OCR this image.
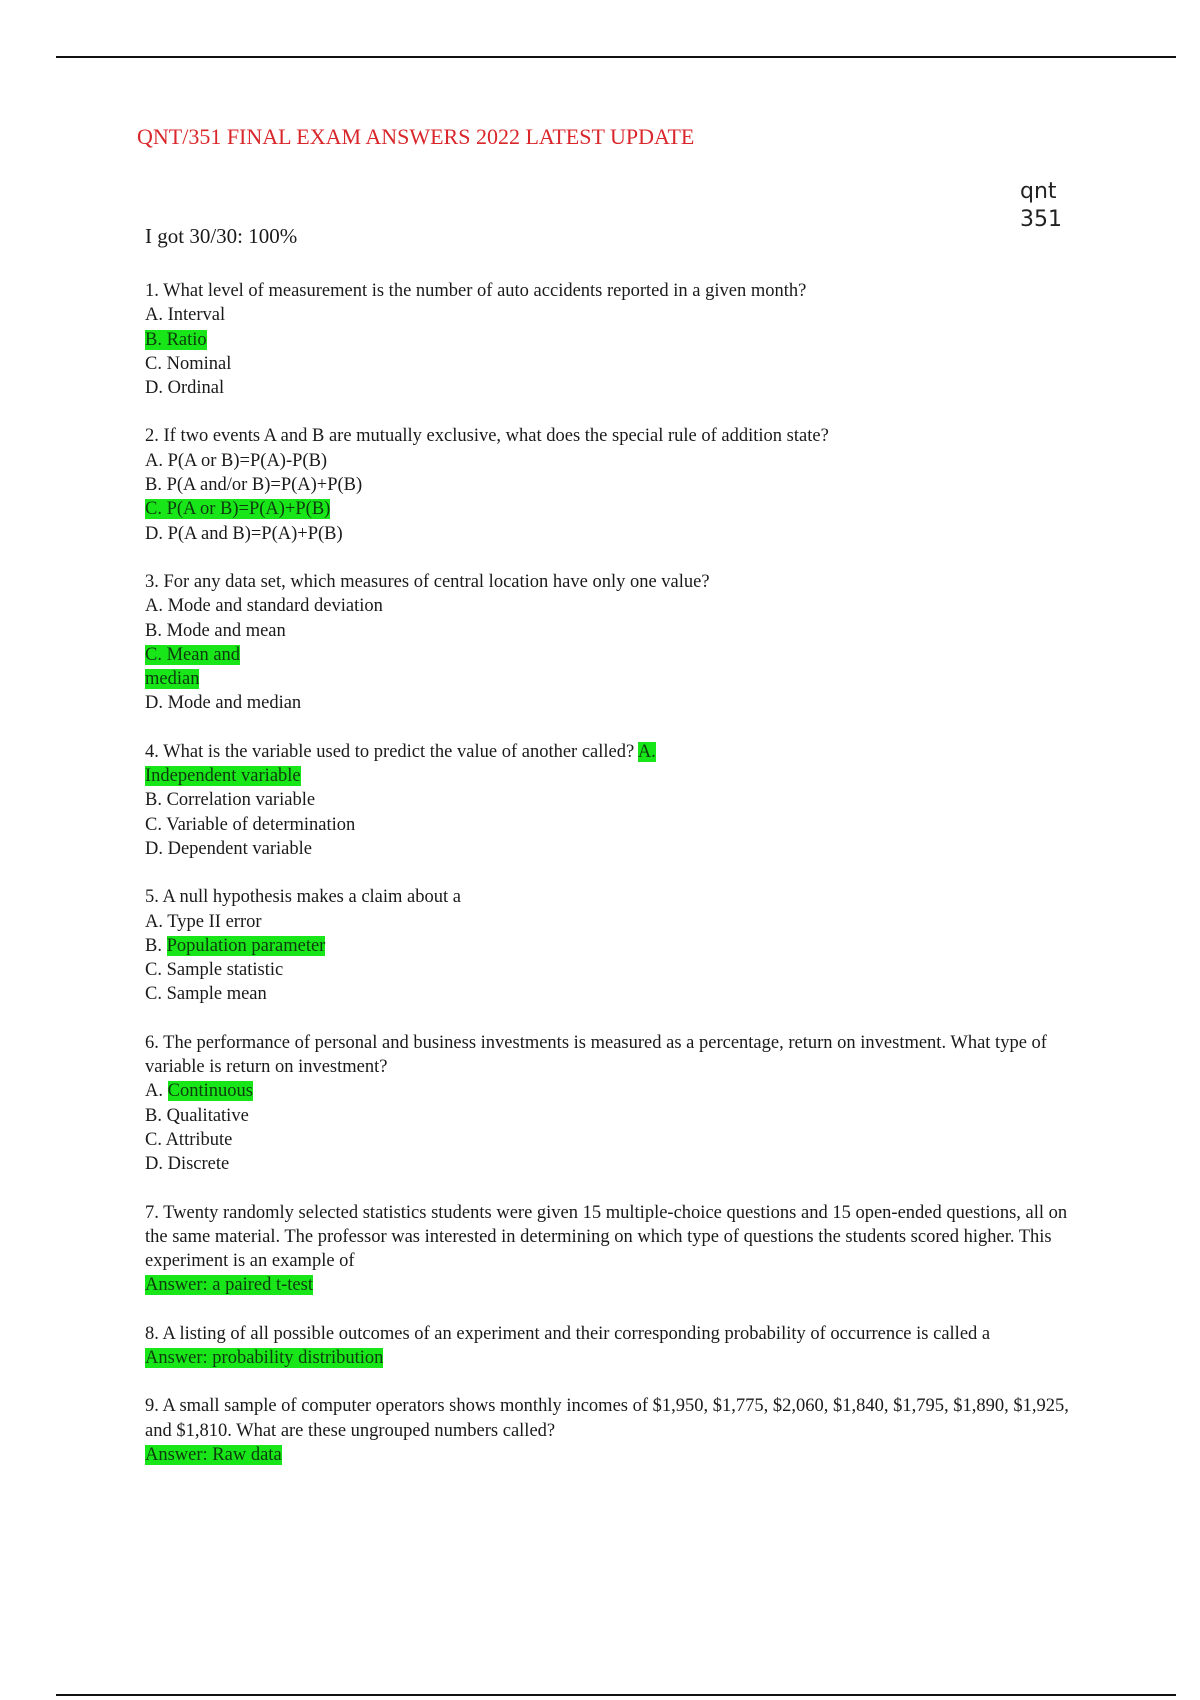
QNT/351 FINAL EXAM ANSWERS 2022 LATEST UPDATE
qnt
351
I got 30/30: 100%
1. What level of measurement is the number of auto accidents reported in a given month?
A. Interval
B. Ratio
C. Nominal
D. Ordinal
2. If two events A and B are mutually exclusive, what does the special rule of addition state?
A. P(A or B)=P(A)-P(B)
B. P(A and/or B)=P(A)+P(B)
C. P(A or B)=P(A)+P(B)
D. P(A and B)=P(A)+P(B)
3. For any data set, which measures of central location have only one value?
A. Mode and standard deviation
B. Mode and mean
C. Mean and median
D. Mode and median
4. What is the variable used to predict the value of another called? A. Independent variable
B. Correlation variable
C. Variable of determination
D. Dependent variable
5. A null hypothesis makes a claim about a
A. Type II error
B. Population parameter
C. Sample statistic
C. Sample mean
6. The performance of personal and business investments is measured as a percentage, return on investment. What type of variable is return on investment?
A. Continuous
B. Qualitative
C. Attribute
D. Discrete
7. Twenty randomly selected statistics students were given 15 multiple-choice questions and 15 open-ended questions, all on the same material. The professor was interested in determining on which type of questions the students scored higher. This experiment is an example of
Answer: a paired t-test
8. A listing of all possible outcomes of an experiment and their corresponding probability of occurrence is called a
Answer: probability distribution
9. A small sample of computer operators shows monthly incomes of $1,950, $1,775, $2,060, $1,840, $1,795, $1,890, $1,925, and $1,810. What are these ungrouped numbers called?
Answer: Raw data
